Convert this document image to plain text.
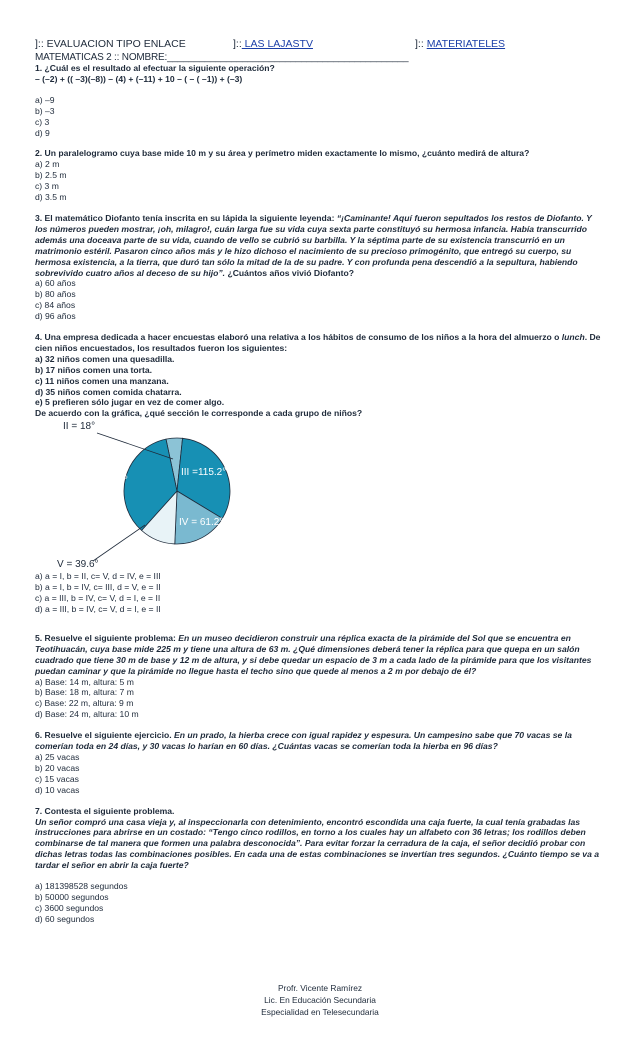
]:: EVALUACION TIPO ENLACE	]:: LAS LAJASTV	]:: MATERIATELES
MATEMATICAS 2 :: NOMBRE:_____________________________________________
1. ¿Cuál es el resultado al efectuar la siguiente operación?
– (–2) + (( –3)(–8)) – (4) + (–11) + 10 – ( – ( –1)) + (–3)
a) –9
b) –3
c) 3
d) 9
2. Un paralelogramo cuya base mide 10 m y su área y perímetro miden exactamente lo mismo, ¿cuánto medirá de altura?
a) 2 m
b) 2.5 m
c) 3 m
d) 3.5 m
3. El matemático Diofanto tenía inscrita en su lápida la siguiente leyenda: “¡Caminante! Aquí fueron sepultados los restos de Diofanto. Y los números pueden mostrar, ¡oh, milagro!, cuán larga fue su vida cuya sexta parte constituyó su hermosa infancia. Había transcurrido además una doceava parte de su vida, cuando de vello se cubrió su barbilla. Y la séptima parte de su existencia transcurrió en un matrimonio estéril. Pasaron cinco años más y le hizo dichoso el nacimiento de su precioso primogénito, que entregó su cuerpo, su hermosa existencia, a la tierra, que duró tan sólo la mitad de la de su padre. Y con profunda pena descendió a la sepultura, habiendo sobrevivido cuatro años al deceso de su hijo”. ¿Cuántos años vivió Diofanto?
a) 60 años
b) 80 años
c) 84 años
d) 96 años
4. Una empresa dedicada a hacer encuestas elaboró una relativa a los hábitos de consumo de los niños a la hora del almuerzo o lunch. De cien niños encuestados, los resultados fueron los siguientes:
a) 32 niños comen una quesadilla.
b) 17 niños comen una torta.
c) 11 niños comen una manzana.
d) 35 niños comen comida chatarra.
e) 5 prefieren sólo jugar en vez de comer algo.
De acuerdo con la gráfica, ¿qué sección le corresponde a cada grupo de niños?
I = 126°
II = 18°
III =115.2°
IV = 61.2°
V = 39.6°
a) a = I, b = II, c= V, d = IV, e = III
b) a = I, b = IV, c= III, d = V, e = II
c) a = III, b = IV, c= V, d = I, e = II
d) a = III, b = IV, c= V, d = I, e = II
5. Resuelve el siguiente problema: En un museo decidieron construir una réplica exacta de la pirámide del Sol que se encuentra en Teotihuacán, cuya base mide 225 m y tiene una altura de 63 m. ¿Qué dimensiones deberá tener la réplica para que quepa en un salón cuadrado que tiene 30 m de base y 12 m de altura, y si debe quedar un espacio de 3 m a cada lado de la pirámide para que los visitantes puedan caminar y que la pirámide no llegue hasta el techo sino que quede al menos a 2 m por debajo de él?
a) Base: 14 m, altura: 5 m
b) Base: 18 m, altura: 7 m
c) Base: 22 m, altura: 9 m
d) Base: 24 m, altura: 10 m
6. Resuelve el siguiente ejercicio. En un prado, la hierba crece con igual rapidez y espesura. Un campesino sabe que 70 vacas se la comerían toda en 24 días, y 30 vacas lo harían en 60 días. ¿Cuántas vacas se comerían toda la hierba en 96 días?
a) 25 vacas
b) 20 vacas
c) 15 vacas
d) 10 vacas
7. Contesta el siguiente problema.
Un señor compró una casa vieja y, al inspeccionarla con detenimiento, encontró escondida una caja fuerte, la cual tenía grabadas las instrucciones para abrirse en un costado: “Tengo cinco rodillos, en torno a los cuales hay un alfabeto con 36 letras; los rodillos deben combinarse de tal manera que formen una palabra desconocida”. Para evitar forzar la cerradura de la caja, el señor decidió probar con dichas letras todas las combinaciones posibles. En cada una de estas combinaciones se invertían tres segundos. ¿Cuánto tiempo se va a tardar el señor en abrir la caja fuerte?
a) 181398528 segundos
b) 50000 segundos
c) 3600 segundos
d) 60 segundos
Profr. Vicente Ramírez
Lic. En Educación Secundaria
Especialidad en Telesecundaria
